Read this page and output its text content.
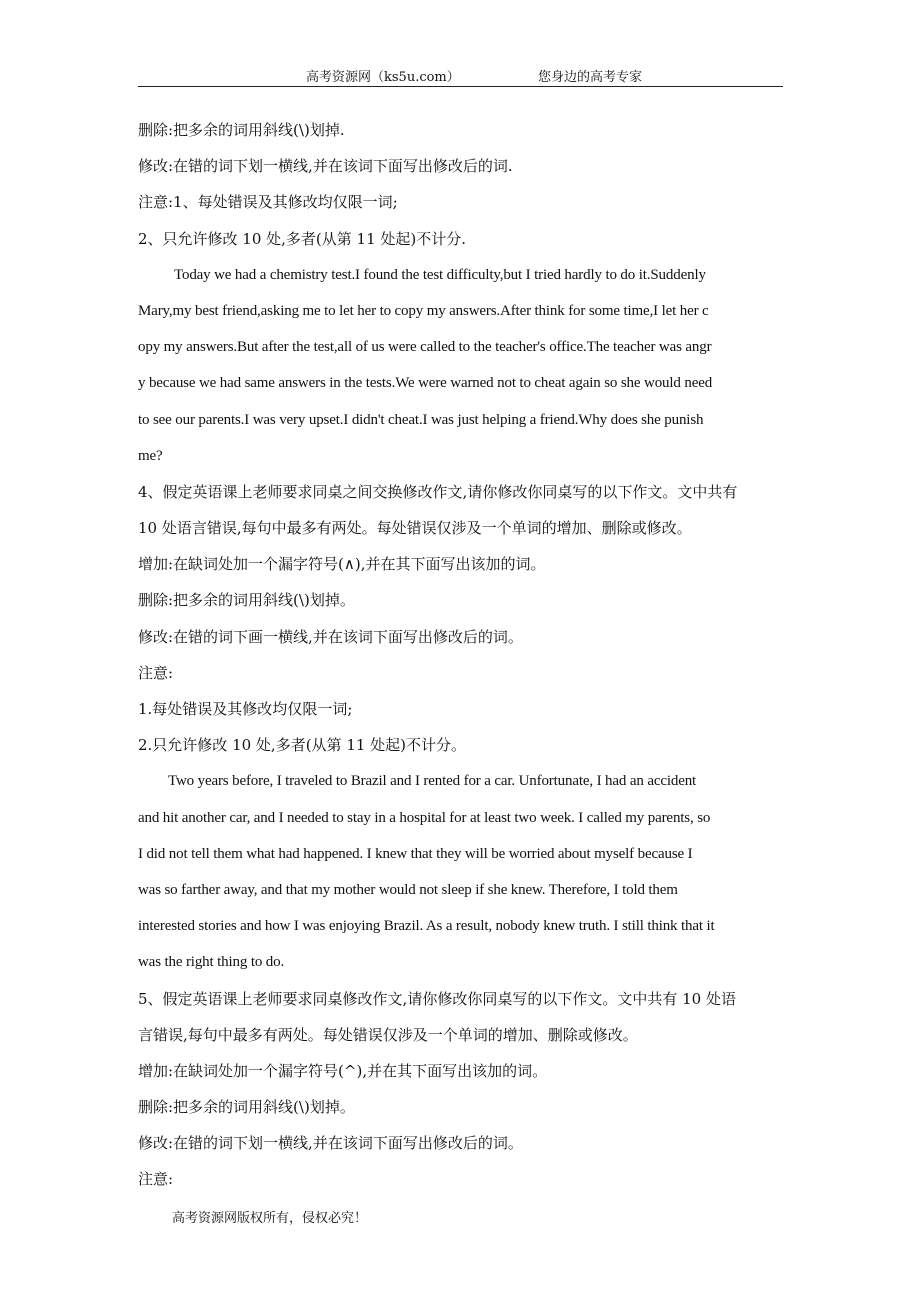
高考资源网（ks5u.com）	您身边的高考专家
删除:把多余的词用斜线(\)划掉.
修改:在错的词下划一横线,并在该词下面写出修改后的词.
注意:1、每处错误及其修改均仅限一词;
2、只允许修改 10 处,多者(从第 11 处起)不计分.
Today we had a chemistry test.I found the test difficulty,but I tried hardly to do it.Suddenly
Mary,my best friend,asking me to let her to copy my answers.After think for some time,I let her c
opy my answers.But after the test,all of us were called to the teacher's office.The teacher was angr
y because we had same answers in the tests.We were warned not to cheat again so she would need
to see our parents.I was very upset.I didn't cheat.I was just helping a friend.Why does she punish
me?
4、假定英语课上老师要求同桌之间交换修改作文,请你修改你同桌写的以下作文。文中共有
10 处语言错误,每句中最多有两处。每处错误仅涉及一个单词的增加、删除或修改。
增加:在缺词处加一个漏字符号(∧),并在其下面写出该加的词。
删除:把多余的词用斜线(\)划掉。
修改:在错的词下画一横线,并在该词下面写出修改后的词。
注意:
1.每处错误及其修改均仅限一词;
2.只允许修改 10 处,多者(从第 11 处起)不计分。
Two years before, I traveled to Brazil and I rented for a car. Unfortunate, I had an accident
and hit another car, and I needed to stay in a hospital for at least two week. I called my parents, so
I did not tell them what had happened. I knew that they will be worried about myself because I
was so farther away, and that my mother would not sleep if she knew. Therefore, I told them
interested stories and how I was enjoying Brazil. As a result, nobody knew truth. I still think that it
was the right thing to do.
5、假定英语课上老师要求同桌修改作文,请你修改你同桌写的以下作文。文中共有 10 处语
言错误,每句中最多有两处。每处错误仅涉及一个单词的增加、删除或修改。
增加:在缺词处加一个漏字符号(^),并在其下面写出该加的词。
删除:把多余的词用斜线(\)划掉。
修改:在错的词下划一横线,并在该词下面写出修改后的词。
注意:
高考资源网版权所有，侵权必究！
